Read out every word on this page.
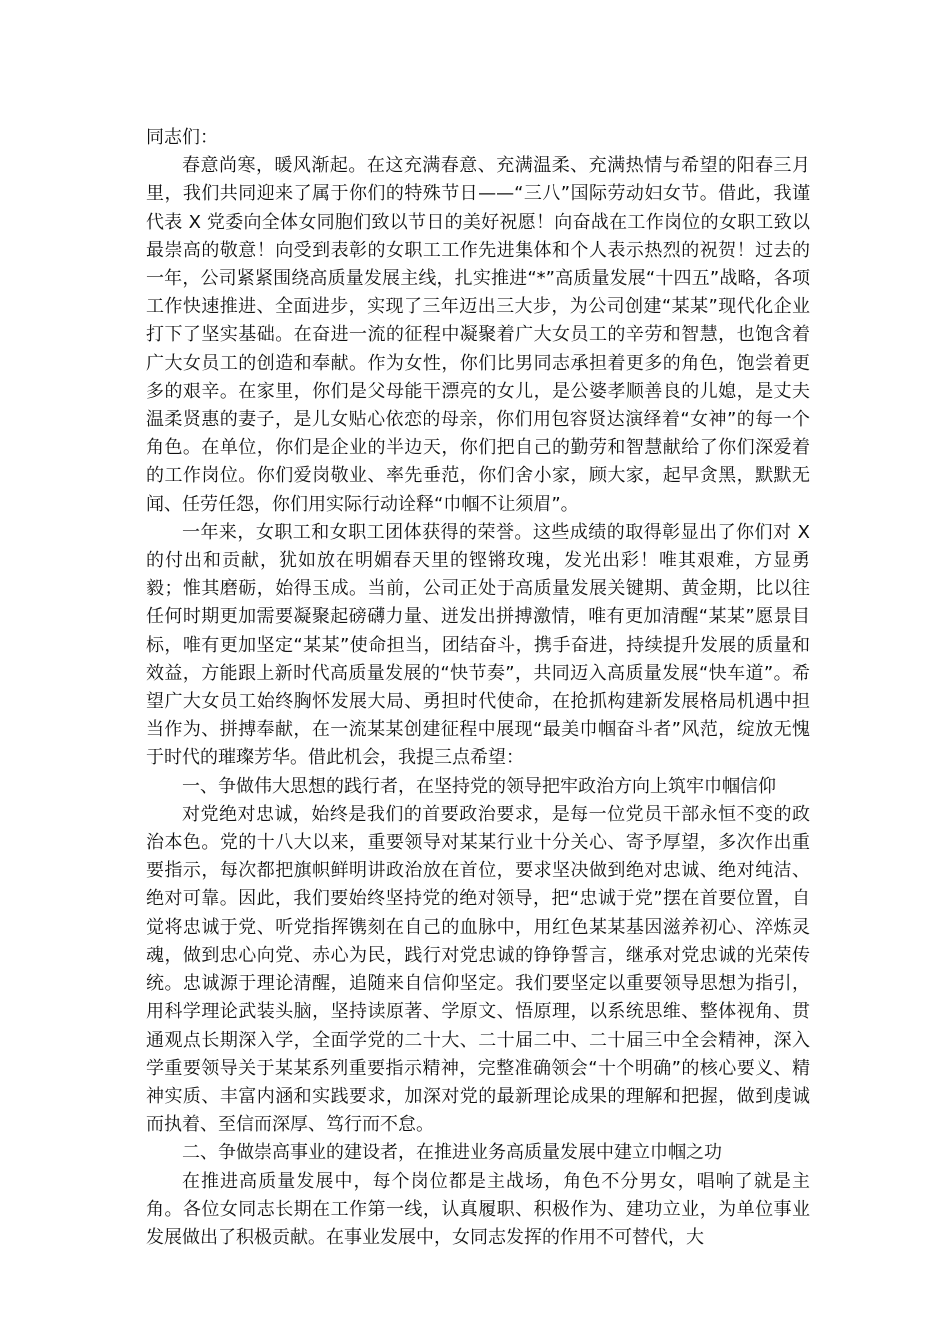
同志们：

春意尚寒，暖风渐起。在这充满春意、充满温柔、充满热情与希望的阳春三月里，我们共同迎来了属于你们的特殊节日——“三八”国际劳动妇女节。借此，我谨代表 X 党委向全体女同胞们致以节日的美好祝愿！向奋战在工作岗位的女职工致以最崇高的敬意！向受到表彰的女职工工作先进集体和个人表示热烈的祝贺！过去的一年，公司紧紧围绕高质量发展主线，扎实推进“*”高质量发展“十四五”战略，各项工作快速推进、全面进步，实现了三年迈出三大步，为公司创建“某某”现代化企业打下了坚实基础。在奋进一流的征程中凝聚着广大女员工的辛劳和智慧，也饱含着广大女员工的创造和奉献。作为女性，你们比男同志承担着更多的角色，饱尝着更多的艰辛。在家里，你们是父母能干漂亮的女儿，是公婆孝顺善良的儿媳，是丈夫温柔贤惠的妻子，是儿女贴心依恋的母亲，你们用包容贤达演绎着“女神”的每一个角色。在单位，你们是企业的半边天，你们把自己的勤劳和智慧献给了你们深爱着的工作岗位。你们爱岗敬业、率先垂范，你们舍小家，顾大家，起早贪黑，默默无闻、任劳任怨，你们用实际行动诠释“巾帼不让须眉”。

一年来，女职工和女职工团体获得的荣誉。这些成绩的取得彰显出了你们对 X 的付出和贡献，犹如放在明媚春天里的铿锵玫瑰，发光出彩！唯其艰难，方显勇毅；惟其磨砺，始得玉成。当前，公司正处于高质量发展关键期、黄金期，比以往任何时期更加需要凝聚起磅礴力量、迸发出拼搏激情，唯有更加清醒“某某”愿景目标，唯有更加坚定“某某”使命担当，团结奋斗，携手奋进，持续提升发展的质量和效益，方能跟上新时代高质量发展的“快节奏”，共同迈入高质量发展“快车道”。希望广大女员工始终胸怀发展大局、勇担时代使命，在抢抓构建新发展格局机遇中担当作为、拼搏奉献，在一流某某创建征程中展现“最美巾帼奋斗者”风范，绽放无愧于时代的璀璨芳华。借此机会，我提三点希望：

一、争做伟大思想的践行者，在坚持党的领导把牢政治方向上筑牢巾帼信仰

对党绝对忠诚，始终是我们的首要政治要求，是每一位党员干部永恒不变的政治本色。党的十八大以来，重要领导对某某行业十分关心、寄予厚望，多次作出重要指示，每次都把旗帜鲜明讲政治放在首位，要求坚决做到绝对忠诚、绝对纯洁、绝对可靠。因此，我们要始终坚持党的绝对领导，把“忠诚于党”摆在首要位置，自觉将忠诚于党、听党指挥镌刻在自己的血脉中，用红色某某基因滋养初心、淬炼灵魂，做到忠心向党、赤心为民，践行对党忠诚的铮铮誓言，继承对党忠诚的光荣传统。忠诚源于理论清醒，追随来自信仰坚定。我们要坚定以重要领导思想为指引，用科学理论武装头脑，坚持读原著、学原文、悟原理，以系统思维、整体视角、贯通观点长期深入学，全面学党的二十大、二十届二中、二十届三中全会精神，深入学重要领导关于某某系列重要指示精神，完整准确领会“十个明确”的核心要义、精神实质、丰富内涵和实践要求，加深对党的最新理论成果的理解和把握，做到虔诚而执着、至信而深厚、笃行而不怠。

二、争做崇高事业的建设者，在推进业务高质量发展中建立巾帼之功

在推进高质量发展中，每个岗位都是主战场，角色不分男女，唱响了就是主角。各位女同志长期在工作第一线，认真履职、积极作为、建功立业，为单位事业发展做出了积极贡献。在事业发展中，女同志发挥的作用不可替代，大
